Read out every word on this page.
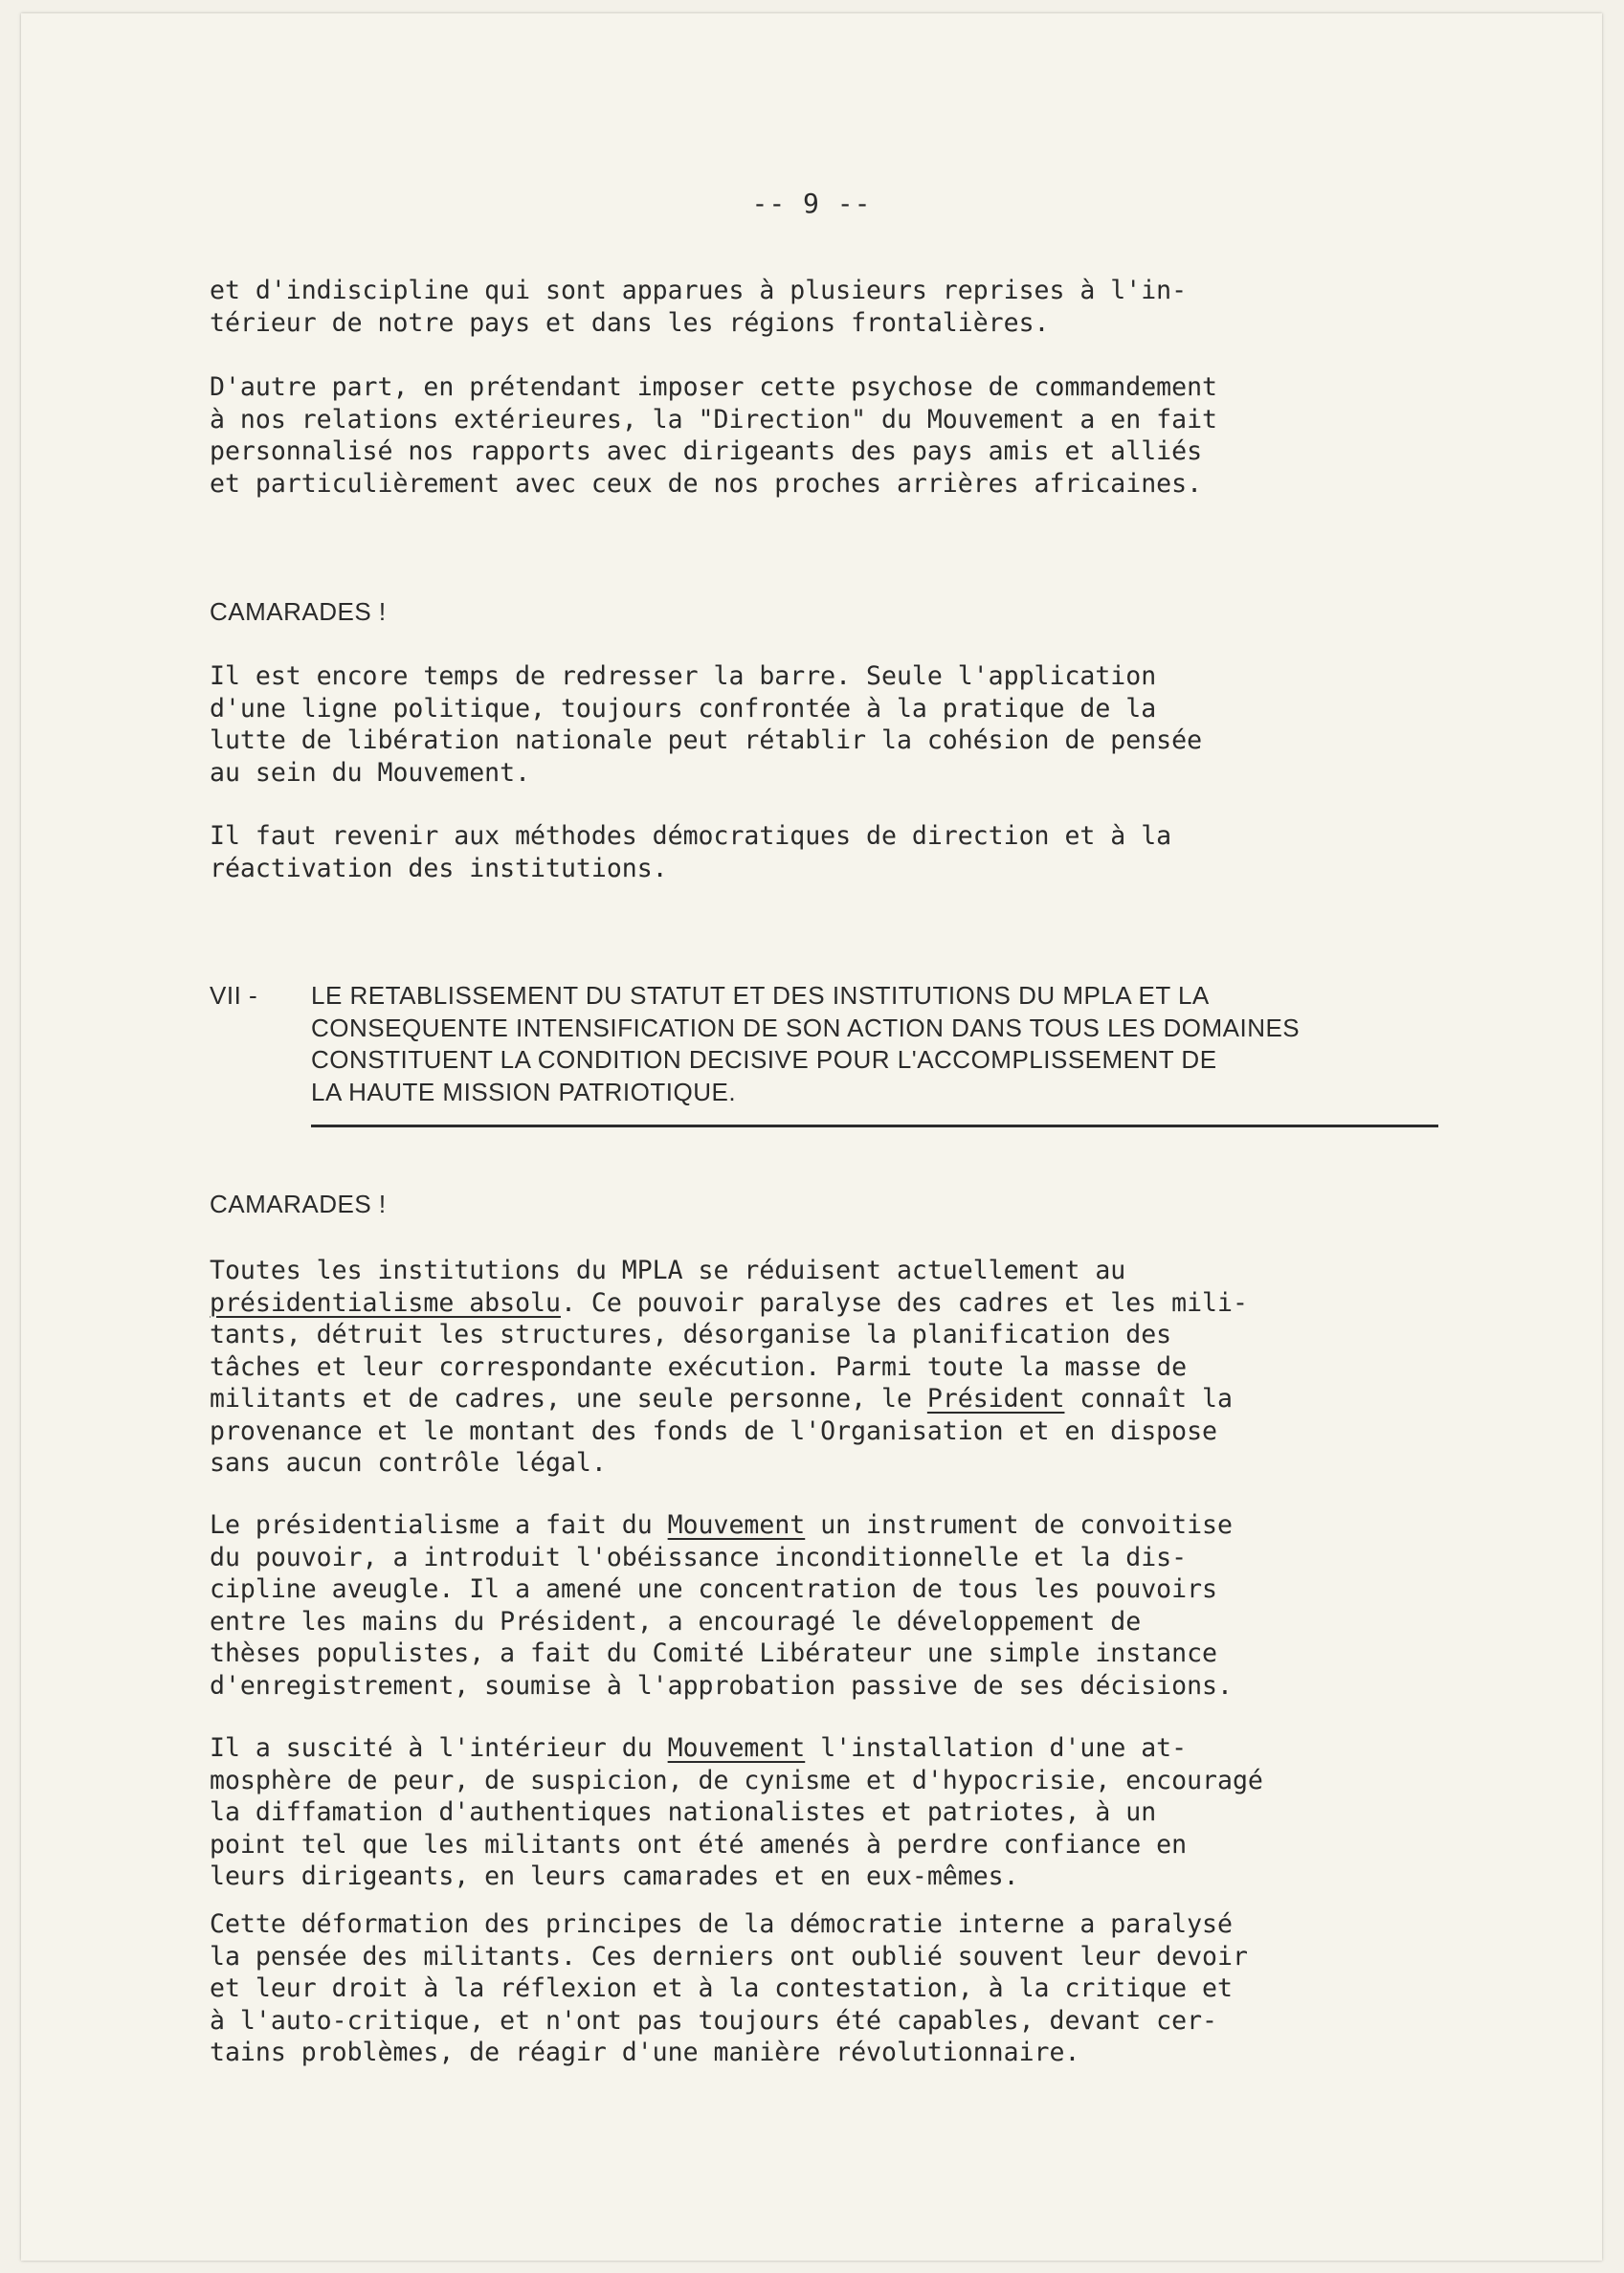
-- 9 --
et d'indiscipline qui sont apparues à plusieurs reprises à l'in-
térieur de notre pays et dans les régions frontalières.
D'autre part, en prétendant imposer cette psychose de commandement
à nos relations extérieures, la "Direction" du Mouvement a en fait
personnalisé nos rapports avec dirigeants des pays amis et alliés
et particulièrement avec ceux de nos proches arrières africaines.
CAMARADES !
Il est encore temps de redresser la barre. Seule l'application
d'une ligne politique, toujours confrontée à la pratique de la
lutte de libération nationale peut rétablir la cohésion de pensée
au sein du Mouvement.
Il faut revenir aux méthodes démocratiques de direction et à la
réactivation des institutions.
VII - LE RETABLISSEMENT DU STATUT ET DES INSTITUTIONS DU MPLA ET LA
CONSEQUENTE INTENSIFICATION DE SON ACTION DANS TOUS LES DOMAINES
CONSTITUENT LA CONDITION DECISIVE POUR L'ACCOMPLISSEMENT DE
LA HAUTE MISSION PATRIOTIQUE.
CAMARADES !
Toutes les institutions du MPLA se réduisent actuellement au
présidentialisme absolu. Ce pouvoir paralyse des cadres et les mili-
tants, détruit les structures, désorganise la planification des
tâches et leur correspondante exécution. Parmi toute la masse de
militants et de cadres, une seule personne, le Président connaît la
provenance et le montant des fonds de l'Organisation et en dispose
sans aucun contrôle légal.
Le présidentialisme a fait du Mouvement un instrument de convoitise
du pouvoir, a introduit l'obéissance inconditionnelle et la dis-
cipline aveugle. Il a amené une concentration de tous les pouvoirs
entre les mains du Président, a encouragé le développement de
thèses populistes, a fait du Comité Libérateur une simple instance
d'enregistrement, soumise à l'approbation passive de ses décisions.
Il a suscité à l'intérieur du Mouvement l'installation d'une at-
mosphère de peur, de suspicion, de cynisme et d'hypocrisie, encouragé
la diffamation d'authentiques nationalistes et patriotes, à un
point tel que les militants ont été amenés à perdre confiance en
leurs dirigeants, en leurs camarades et en eux-mêmes.
Cette déformation des principes de la démocratie interne a paralysé
la pensée des militants. Ces derniers ont oublié souvent leur devoir
et leur droit à la réflexion et à la contestation, à la critique et
à l'auto-critique, et n'ont pas toujours été capables, devant cer-
tains problèmes, de réagir d'une manière révolutionnaire.
